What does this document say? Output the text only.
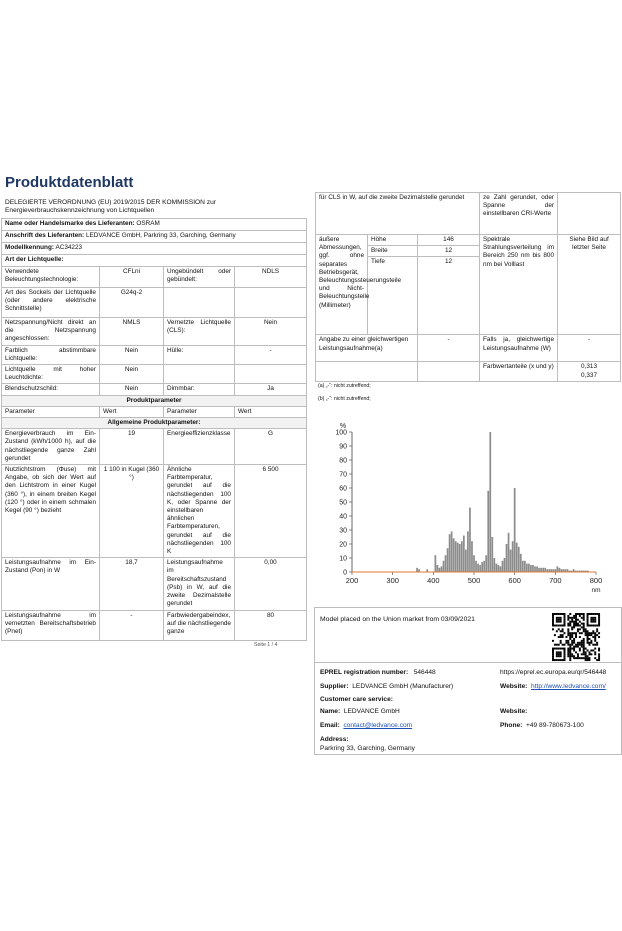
Produktdatenblatt
DELEGIERTE VERORDNUNG (EU) 2019/2015 DER KOMMISSION zur Energieverbrauchskennzeichnung von Lichtquellen
Name oder Handelsmarke des Lieferanten: OSRAM			
Anschrift des Lieferanten: LEDVANCE GmbH, Parkring 33, Garching, Germany			
Modellkennung: AC34223			
Art der Lichtquelle:			
Verwendete Beleuchtungstechnologie:	CFLni	Ungebündelt oder gebündelt:	NDLS
Art des Sockels der Lichtquelle (oder andere elektrische Schnittstelle)	G24q-2		
Netzspannung/Nicht direkt an die Netzspannung angeschlossen:	NMLS	Vernetzte Lichtquelle (CLS):	Nein
Farblich abstimmbare Lichtquelle:	Nein	Hülle:	-
Lichtquelle mit hoher Leuchtdichte:	Nein		
Blendschutzschild:	Nein	Dimmbar:	Ja
Produktparameter			
Parameter	Wert	Parameter	Wert
Allgemeine Produktparameter:			
Energieverbrauch im Ein-Zustand (kWh/1000 h), auf die nächstliegende ganze Zahl gerundet	19	Energieeffizienzklasse	G
Nutzlichtstrom (Φuse) mit Angabe, ob sich der Wert auf den Lichtstrom in einer Kugel (360 °), in einem breiten Kegel (120 °) oder in einem schmalen Kegel (90 °) bezieht	1 100 in Kugel (360 °)	Ähnliche Farbtemperatur, gerundet auf die nächstliegenden 100 K, oder Spanne der einstellbaren ähnlichen Farbtemperaturen, gerundet auf die nächstliegenden 100 K	6 500
Leistungsaufnahme im Ein-Zustand (Pon) in W	18,7	Leistungsaufnahme im Bereitschaftszustand (Psb) in W, auf die zweite Dezimalstelle gerundet	0,00
Leistungsaufnahme im vernetzten Bereitschaftsbetrieb (Pnet)	-	Farbwiedergabeindex, auf die nächstliegende ganze	80
Seite 1 / 4
für CLS in W, auf die zweite Dezimalstelle gerundet			ze Zahl gerundet, oder Spanne der einstellbaren CRI-Werte	
äußere Abmessungen, ggf. ohne separates Betriebsgerät, Beleuchtungssteuerungsteile und Nicht-Beleuchtungsteile (Millimeter)	Höhe	146	Spektrale Strahlungsverteilung im Bereich 250 nm bis 800 nm bei Volllast	Siehe Bild auf letzter Seite
	Breite	12		
	Tiefe	12		
Angabe zu einer gleichwertigen Leistungsaufnahme(a)		-	Falls ja, gleichwertige Leistungsaufnahme (W)	-
			Farbwertanteile (x und y)	0,313
0,337
(a) „-“: nicht zutreffend;
(b) „-“: nicht zutreffend;
0
10
20
30
40
50
60
70
80
90
100
%
200	300	400	500	600	700	800
nm
Model placed on the Union market from 03/09/2021
EPREL registration number: 546448	https://eprel.ec.europa.eu/qr/546448
Supplier: LEDVANCE GmbH (Manufacturer)	Website: http://www.ledvance.com/
Customer care service:
Name: LEDVANCE GmbH	Website:
Email: contact@ledvance.com	Phone: +49 89-780673-100
Address:
Parkring 33, Garching, Germany
